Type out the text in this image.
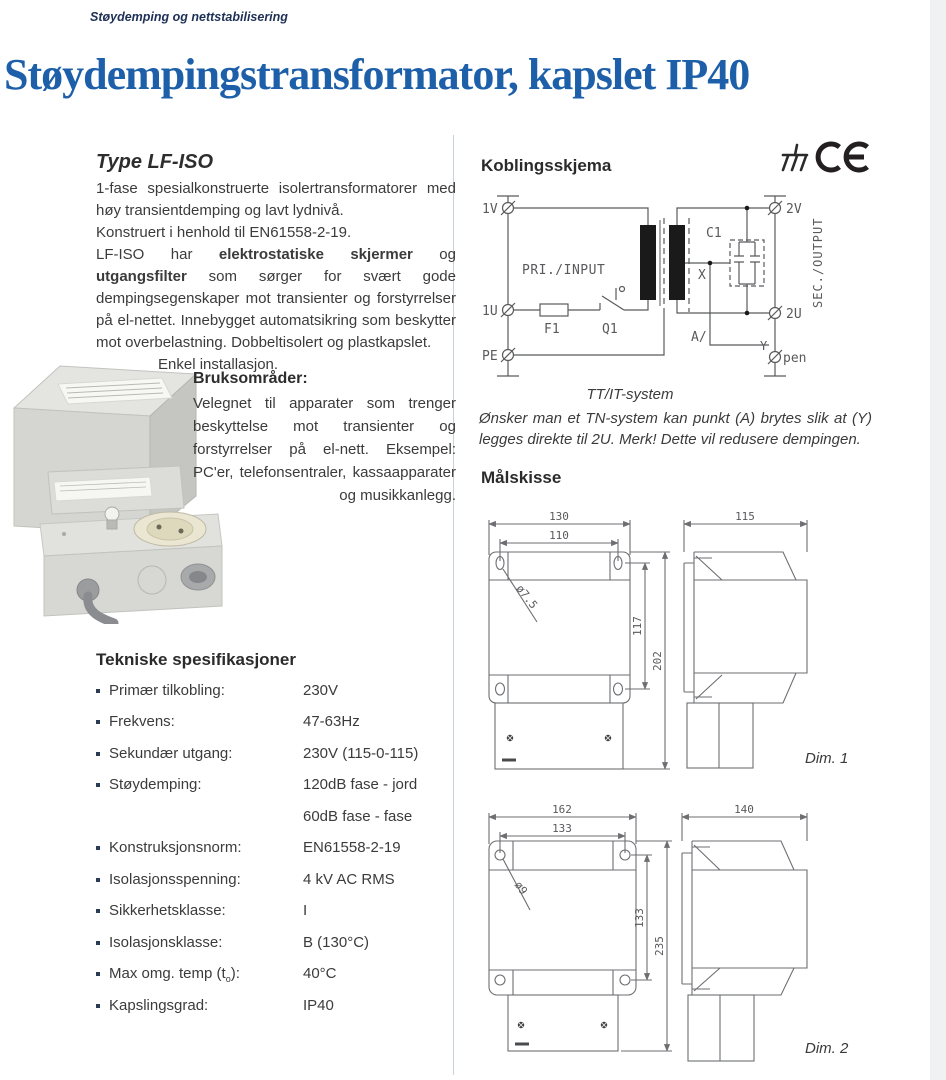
Støydemping og nettstabilisering
Støydempingstransformator, kapslet IP40
Type LF-ISO

1-fase spesialkonstruerte isolertransformatorer med høy transientdemping og lavt lydnivå.

Konstruert i henhold til EN61558-2-19.

LF-ISO har elektrostatiske skjermer og utgangsfilter som sørger for svært gode dempingsegenskaper mot transienter og forstyrrelser på el-nettet. Innebygget automatsikring som beskytter mot overbelastning. Dobbeltisolert og plastkapslet.

Enkel installasjon.

Bruksområder:
Velegnet til apparater som trenger beskyttelse mot transienter og forstyrrelser på el-nett. Eksempel: PC'er, telefonsentraler, kassaapparater og musikkanlegg.
Tekniske spesifikasjoner
Primær tilkobling:	230V
Frekvens:	47-63Hz
Sekundær utgang:	230V (115-0-115)
Støydemping:	120dB fase - jord
60dB fase - fase
Konstruksjonsnorm:	EN61558-2-19
Isolasjonsspenning:	4 kV AC RMS
Sikkerhetsklasse:	I
Isolasjonsklasse:	B (130°C)
Max omg. temp $(t_o)$:	40°C
Kapslingsgrad:	IP40
Koblingsskjema
1V
1U
PE
PRI./INPUT
F1	Q1
C1
X
A/
Y
pen
2V
2U
SEC./OUTPUT
TT/IT-system

Ønsker man et TN-system kan punkt (A) brytes slik at (Y) legges direkte til 2U. Merk! Dette vil redusere dempingen.

Målskisse
130
110
ø7.5
117
202
115
Dim. 1
162
133
ø9
133
235
140
Dim. 2
